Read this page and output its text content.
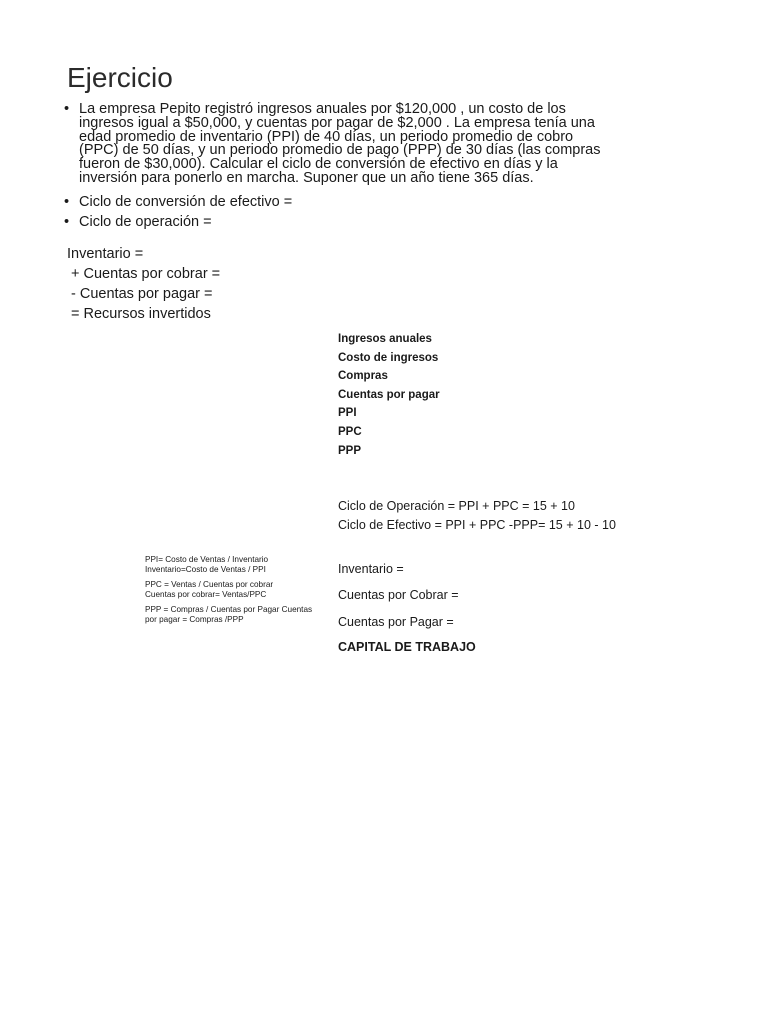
Ejercicio
• La empresa Pepito registró ingresos anuales por $120,000 , un costo de los ingresos igual a $50,000, y cuentas por pagar de $2,000 . La empresa tenía una edad promedio de inventario (PPI) de 40 días, un periodo promedio de cobro (PPC) de 50 días, y un periodo promedio de pago (PPP) de 30 días (las compras fueron de $30,000). Calcular el ciclo de conversión de efectivo en días y la inversión para ponerlo en marcha. Suponer que un año tiene 365 días.
• Ciclo de conversión de efectivo =
• Ciclo de operación =
Inventario =
+ Cuentas por cobrar =
- Cuentas por pagar =
= Recursos invertidos
Ingresos anuales
Costo de ingresos
Compras
Cuentas por pagar
PPI
PPC
PPP
Ciclo de Operación = PPI + PPC = 15 + 10
Ciclo de Efectivo = PPI + PPC -PPP= 15 + 10 - 10
PPI= Costo de Ventas / Inventario
Inventario=Costo de Ventas / PPI
PPC = Ventas / Cuentas por cobrar
Cuentas por cobrar= Ventas/PPC
PPP = Compras / Cuentas por Pagar Cuentas
por pagar = Compras /PPP
Inventario =
Cuentas por Cobrar =
Cuentas por Pagar =
CAPITAL DE TRABAJO
